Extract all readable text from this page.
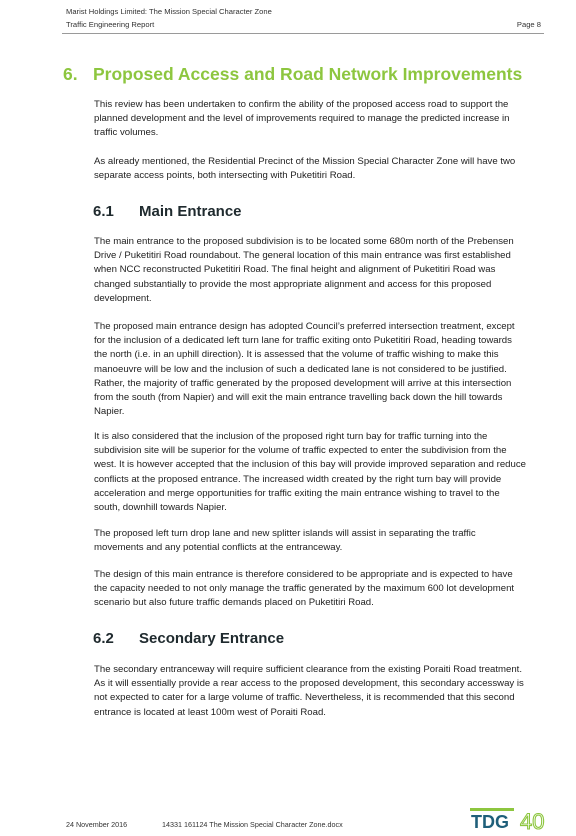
Marist Holdings Limited: The Mission Special Character Zone
Traffic Engineering Report	Page 8
6. Proposed Access and Road Network Improvements

This review has been undertaken to confirm the ability of the proposed access road to support the planned development and the level of improvements required to manage the predicted increase in traffic volumes.

As already mentioned, the Residential Precinct of the Mission Special Character Zone will have two separate access points, both intersecting with Puketitiri Road.

6.1 Main Entrance

The main entrance to the proposed subdivision is to be located some 680m north of the Prebensen Drive / Puketitiri Road roundabout. The general location of this main entrance was first established when NCC reconstructed Puketitiri Road. The final height and alignment of Puketitiri Road was changed substantially to provide the most appropriate alignment and access for this proposed development.

The proposed main entrance design has adopted Council’s preferred intersection treatment, except for the inclusion of a dedicated left turn lane for traffic exiting onto Puketitiri Road, heading towards the north (i.e. in an uphill direction). It is assessed that the volume of traffic wishing to make this manoeuvre will be low and the inclusion of such a dedicated lane is not considered to be justified. Rather, the majority of traffic generated by the proposed development will arrive at this intersection from the south (from Napier) and will exit the main entrance travelling back down the hill towards Napier.

It is also considered that the inclusion of the proposed right turn bay for traffic turning into the subdivision site will be superior for the volume of traffic expected to enter the subdivision from the west. It is however accepted that the inclusion of this bay will provide improved separation and reduce conflicts at the proposed entrance. The increased width created by the right turn bay will provide acceleration and merge opportunities for traffic exiting the main entrance wishing to travel to the south, downhill towards Napier.

The proposed left turn drop lane and new splitter islands will assist in separating the traffic movements and any potential conflicts at the entranceway.

The design of this main entrance is therefore considered to be appropriate and is expected to have the capacity needed to not only manage the traffic generated by the maximum 600 lot development scenario but also future traffic demands placed on Puketitiri Road.

6.2 Secondary Entrance

The secondary entranceway will require sufficient clearance from the existing Poraiti Road treatment. As it will essentially provide a rear access to the proposed development, this secondary accessway is not expected to cater for a large volume of traffic. Nevertheless, it is recommended that this second entrance is located at least 100m west of Poraiti Road.

24 November 2016	14331 161124 The Mission Special Character Zone.docx	TDG 40
